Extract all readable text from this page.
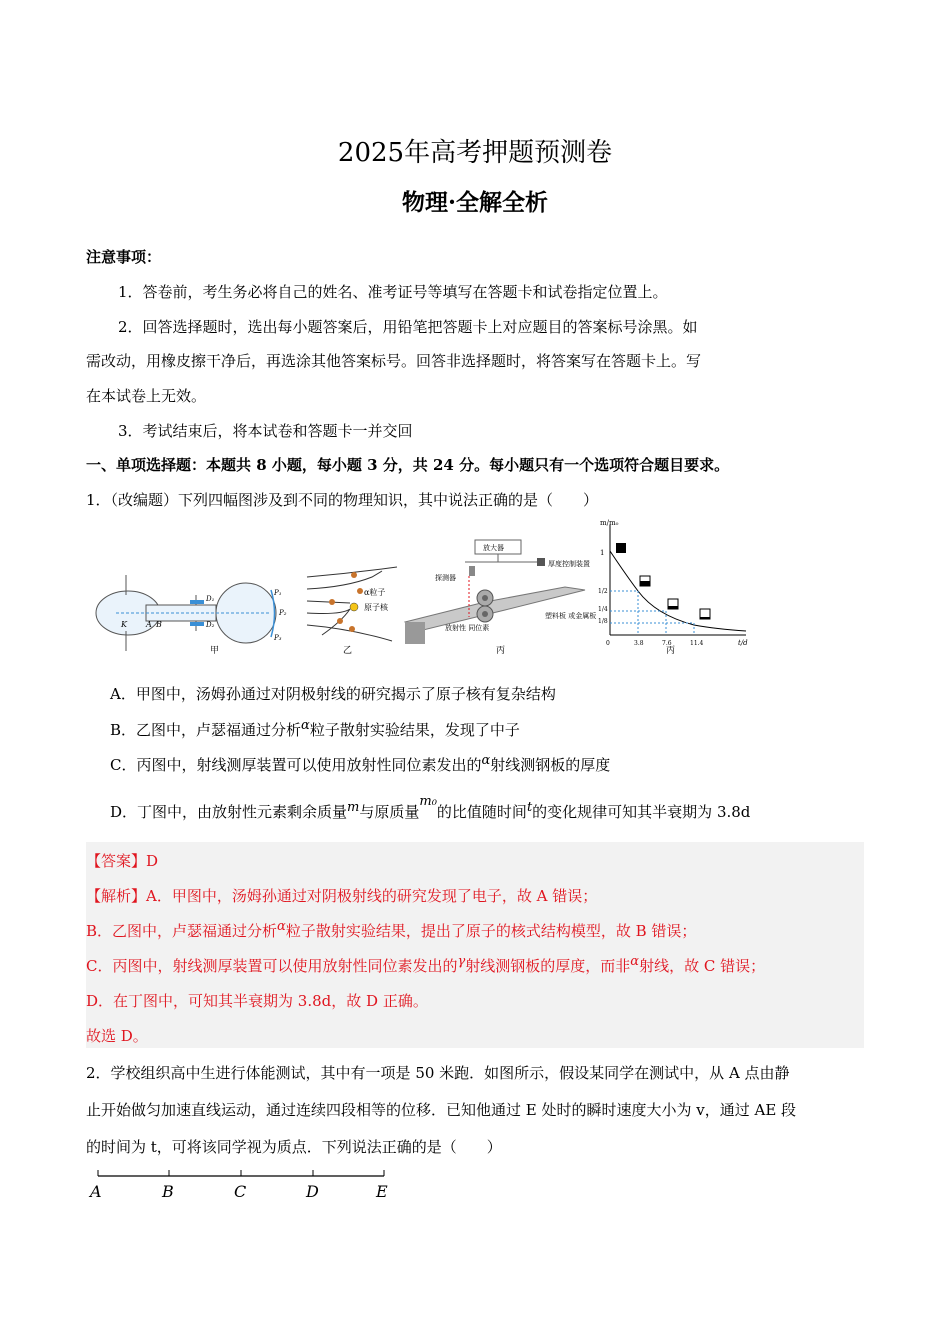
2025年高考押题预测卷
物理·全解全析
注意事项：
1．答卷前，考生务必将自己的姓名、准考证号等填写在答题卡和试卷指定位置上。
2．回答选择题时，选出每小题答案后，用铅笔把答题卡上对应题目的答案标号涂黑。如
需改动，用橡皮擦干净后，再选涂其他答案标号。回答非选择题时，将答案写在答题卡上。写
在本试卷上无效。
3．考试结束后，将本试卷和答题卡一并交回
一、单项选择题：本题共 8 小题，每小题 3 分，共 24 分。每小题只有一个选项符合题目要求。
1．（改编题）下列四幅图涉及到不同的物理知识，其中说法正确的是（　　）
K A B
D₁
D₂
P₁
P₂
P₃
甲
α粒子
原子核
乙
放大器
厚度控制装置
探测器
放射性 同位素
塑料板 或金属板
丙
m/m₀
t/d
1
1/2
1/4
1/8
0	3.8	7.6	11.4
丙
A．甲图中，汤姆孙通过对阴极射线的研究揭示了原子核有复杂结构
B．乙图中，卢瑟福通过分析α粒子散射实验结果，发现了中子
C．丙图中，射线测厚装置可以使用放射性同位素发出的α射线测钢板的厚度
D．丁图中，由放射性元素剩余质量m与原质量m₀的比值随时间t的变化规律可知其半衰期为 3.8d
【答案】D
【解析】A．甲图中，汤姆孙通过对阴极射线的研究发现了电子，故 A 错误；
B．乙图中，卢瑟福通过分析α粒子散射实验结果，提出了原子的核式结构模型，故 B 错误；
C．丙图中，射线测厚装置可以使用放射性同位素发出的γ射线测钢板的厚度，而非α射线，故 C 错误；
D．在丁图中，可知其半衰期为 3.8d，故 D 正确。
故选 D。
2．学校组织高中生进行体能测试，其中有一项是 50 米跑．如图所示，假设某同学在测试中，从 A 点由静
止开始做匀加速直线运动，通过连续四段相等的位移．已知他通过 E 处时的瞬时速度大小为 v，通过 AE 段
的时间为 t，可将该同学视为质点．下列说法正确的是（　　）
A	B	C	D	E
